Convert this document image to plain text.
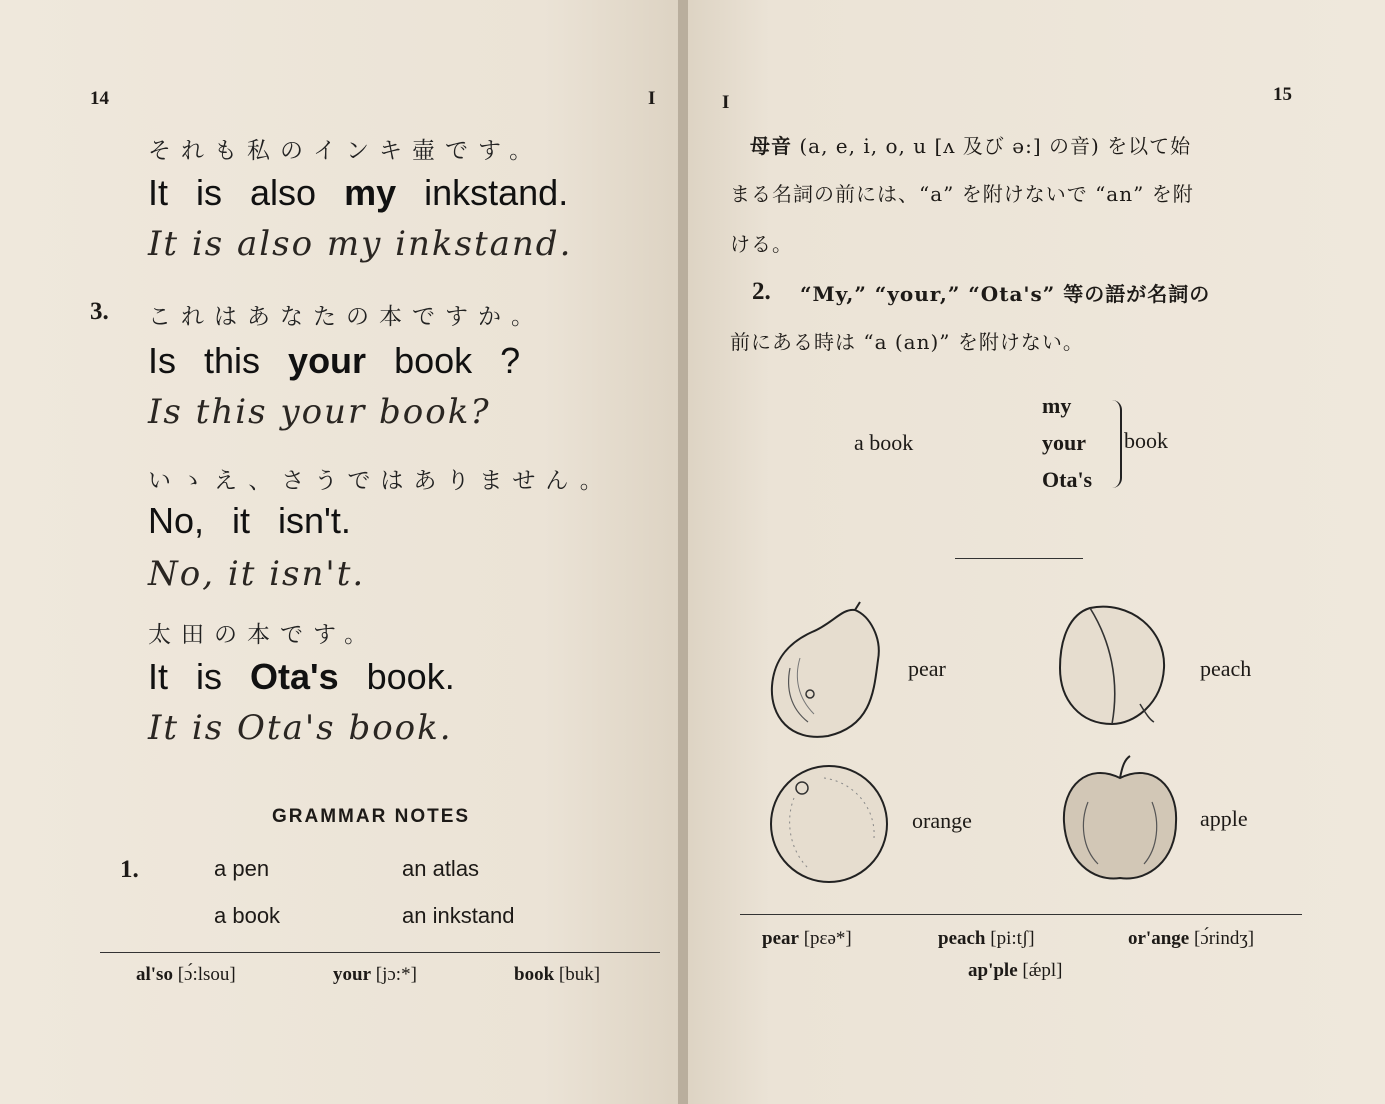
14	I
それも私のインキ壷です。
It is also my inkstand.
It is also my inkstand.
3. これはあなたの本ですか。
Is this your book ?
Is this your book?
いゝえ、さうではありません。
No, it isn't.
No, it isn't.
太田の本です。
It is Ota's book.
It is Ota's book.
GRAMMAR NOTES
1.	a pen	an atlas
a book	an inkstand
al'so [ɔ́:lsou]	your [jɔ:*]	book [buk]
I	15
母音 (a, e, i, o, u [ʌ 及び ə:] の音) を以て始
まる名詞の前には、“a” を附けないで “an” を附
ける。
2. “My,” “your,” “Ota's” 等の語が名詞の
前にある時は “a (an)” を附けない。
a book
my
your
Ota's
book
pear	peach
orange	apple
pear [pɛə*]	peach [pi:tʃ]	or'ange [ɔ́rindʒ]
ap'ple [ǽpl]
